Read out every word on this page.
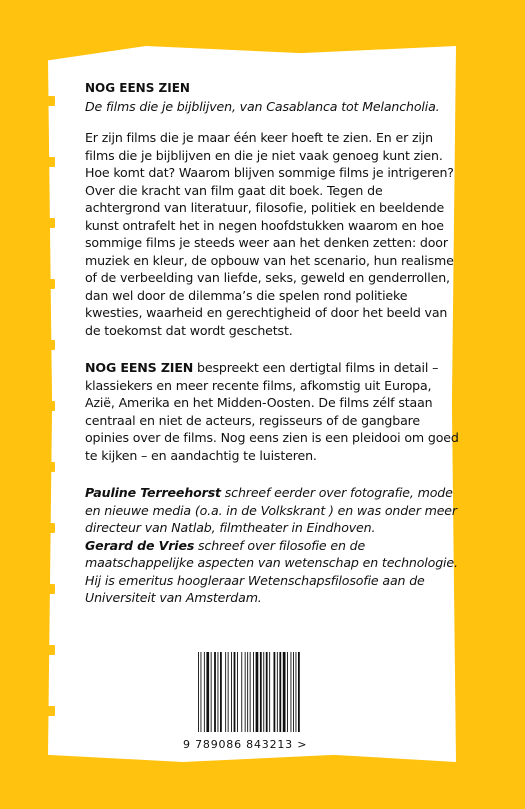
NOG EENS ZIEN

De films die je bijblijven, van Casablanca tot Melancholia.

Er zijn films die je maar één keer hoeft te zien. En er zijn films die je bijblijven en die je niet vaak genoeg kunt zien. Hoe komt dat? Waarom blijven sommige films je intrigeren? Over die kracht van film gaat dit boek. Tegen de achtergrond van literatuur, filosofie, politiek en beeldende kunst ontrafelt het in negen hoofdstukken waarom en hoe sommige films je steeds weer aan het denken zetten: door muziek en kleur, de opbouw van het scenario, hun realisme of de verbeelding van liefde, seks, geweld en genderrollen, dan wel door de dilemma’s die spelen rond politieke kwesties, waarheid en gerechtigheid of door het beeld van de toekomst dat wordt geschetst.

NOG EENS ZIEN bespreekt een dertigtal films in detail – klassiekers en meer recente films, afkomstig uit Europa, Azië, Amerika en het Midden-Oosten. De films zélf staan centraal en niet de acteurs, regisseurs of de gangbare opinies over de films. Nog eens zien is een pleidooi om goed te kijken – en aandachtig te luisteren.

Pauline Terreehorst schreef eerder over fotografie, mode en nieuwe media (o.a. in de Volkskrant ) en was onder meer directeur van Natlab, filmtheater in Eindhoven.

Gerard de Vries schreef over filosofie en de maatschappelijke aspecten van wetenschap en technologie. Hij is emeritus hoogleraar Wetenschapsfilosofie aan de Universiteit van Amsterdam.

9 789086 843213 >
